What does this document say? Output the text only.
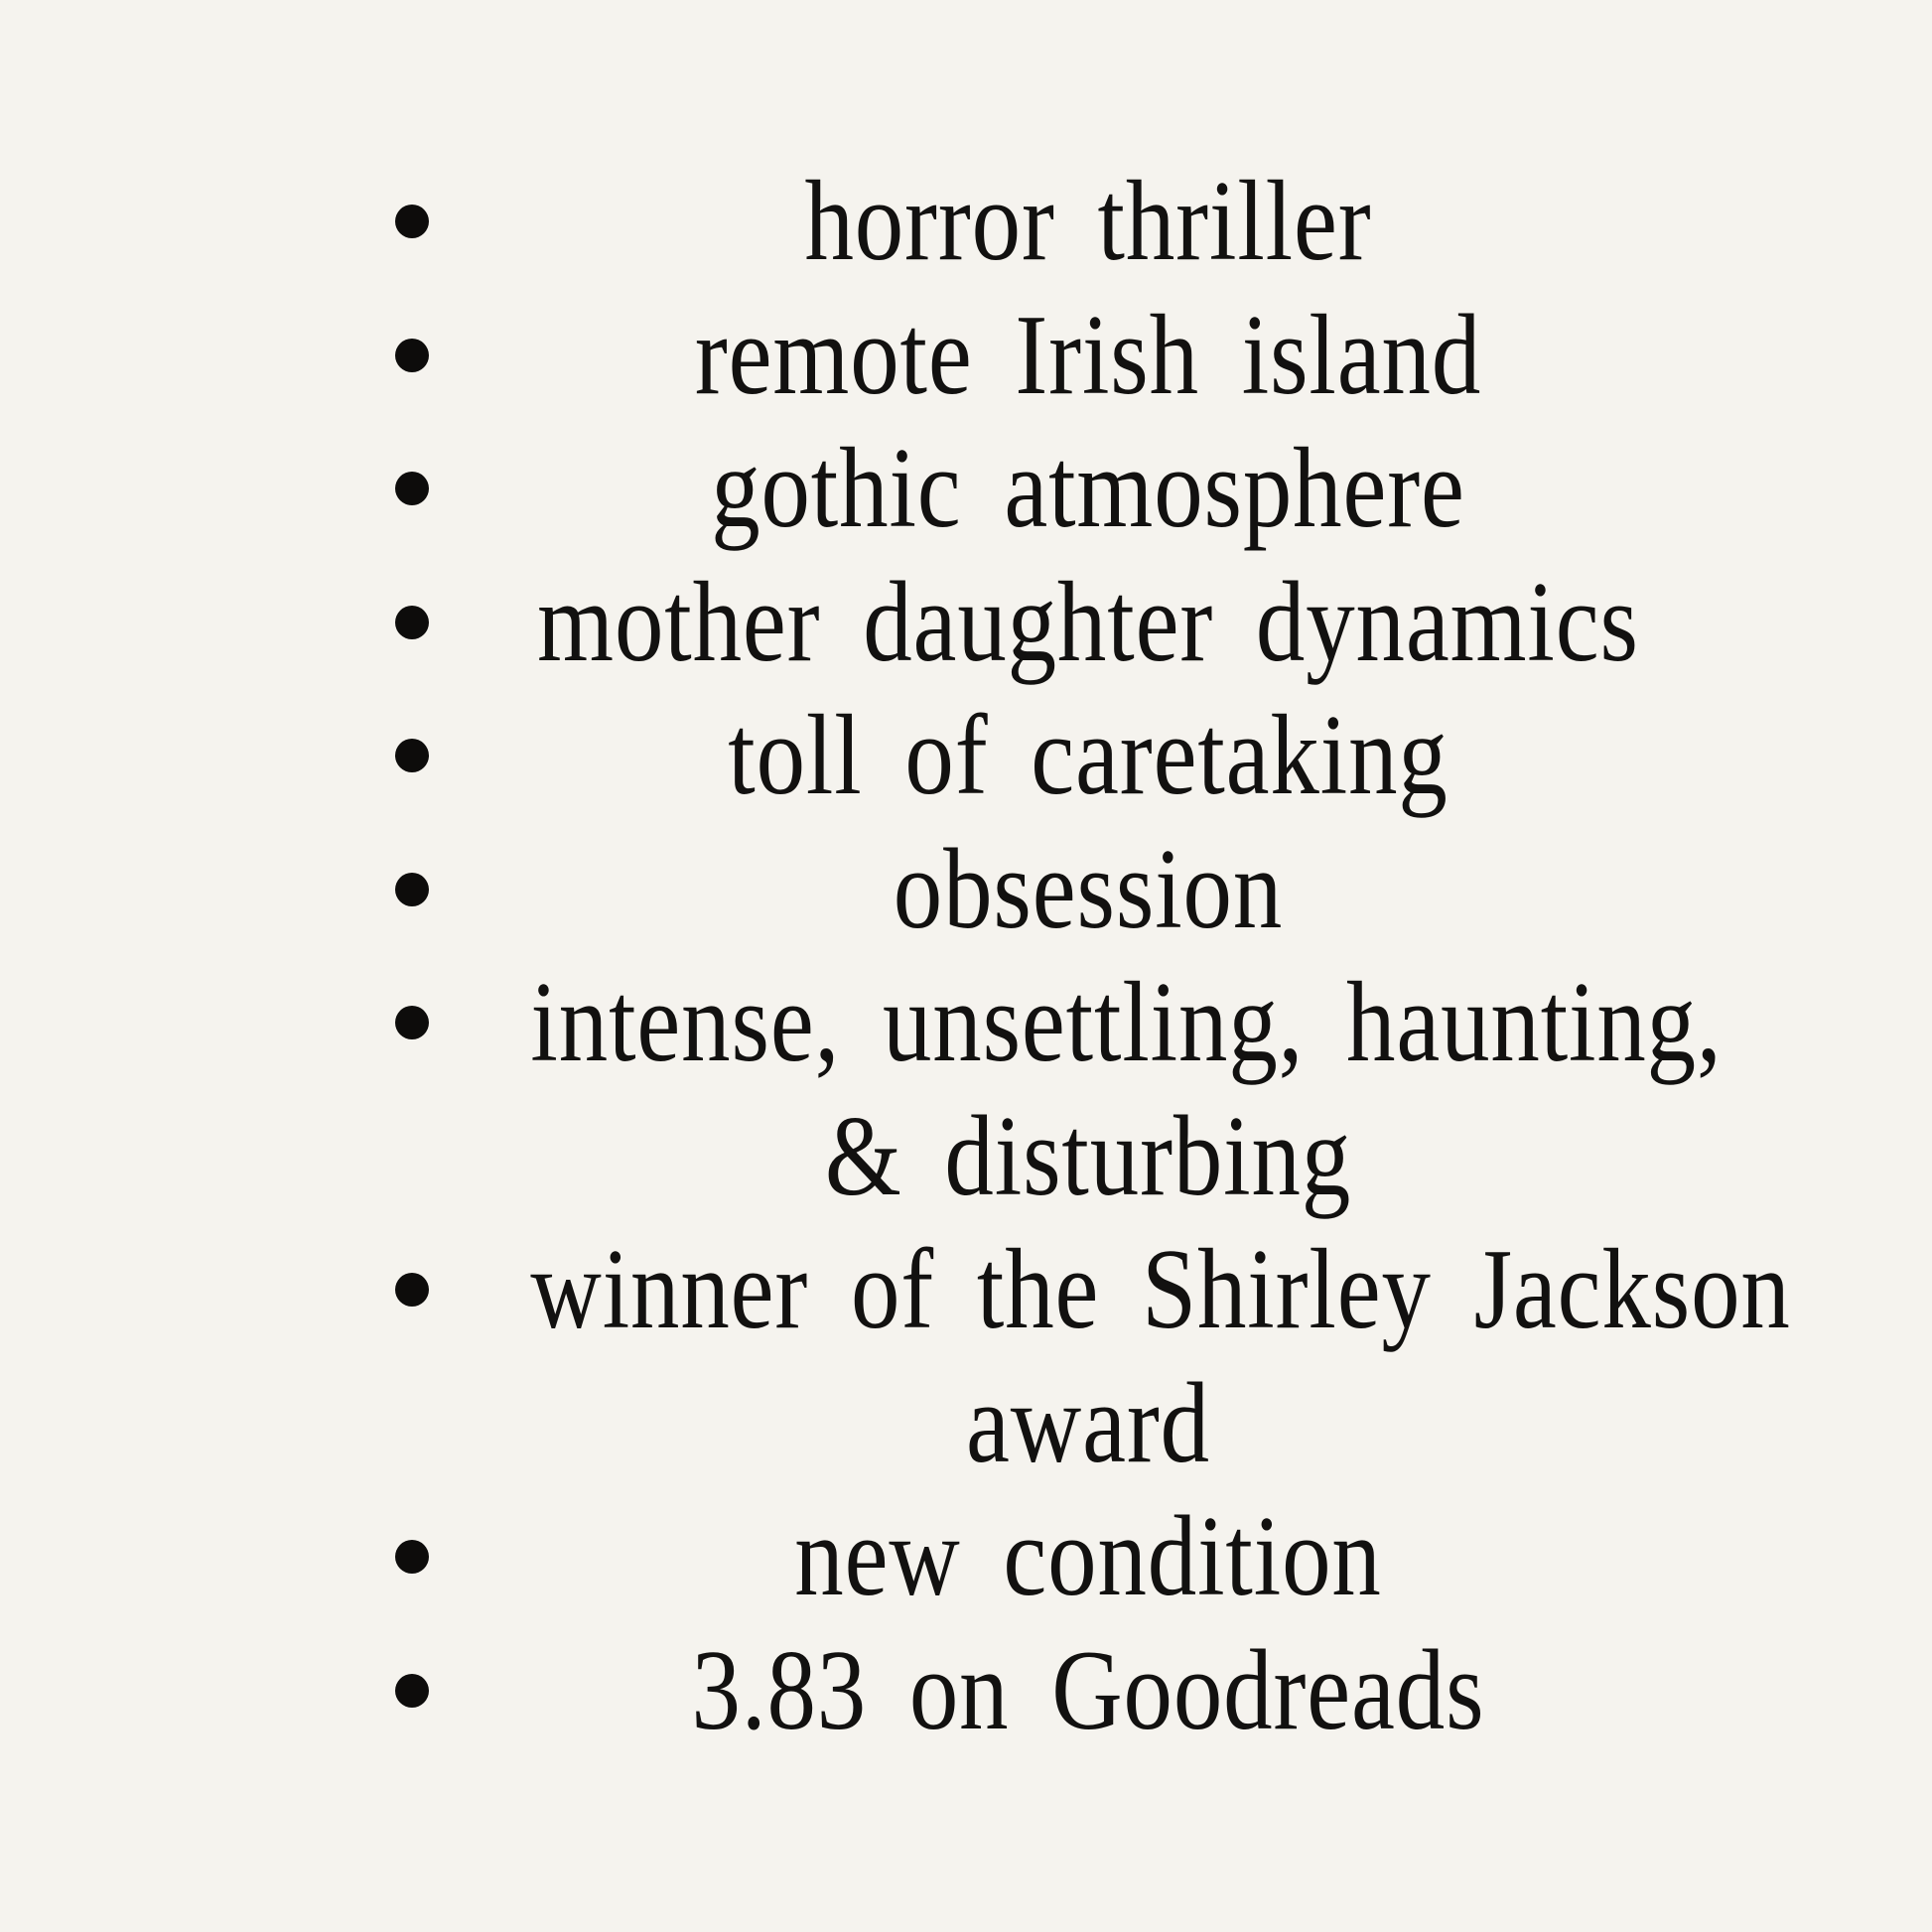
horror thriller
remote Irish island
gothic atmosphere
mother daughter dynamics
toll of caretaking
obsession
intense, unsettling, haunting,
& disturbing
winner of the Shirley Jackson
award
new condition
3.83 on Goodreads
